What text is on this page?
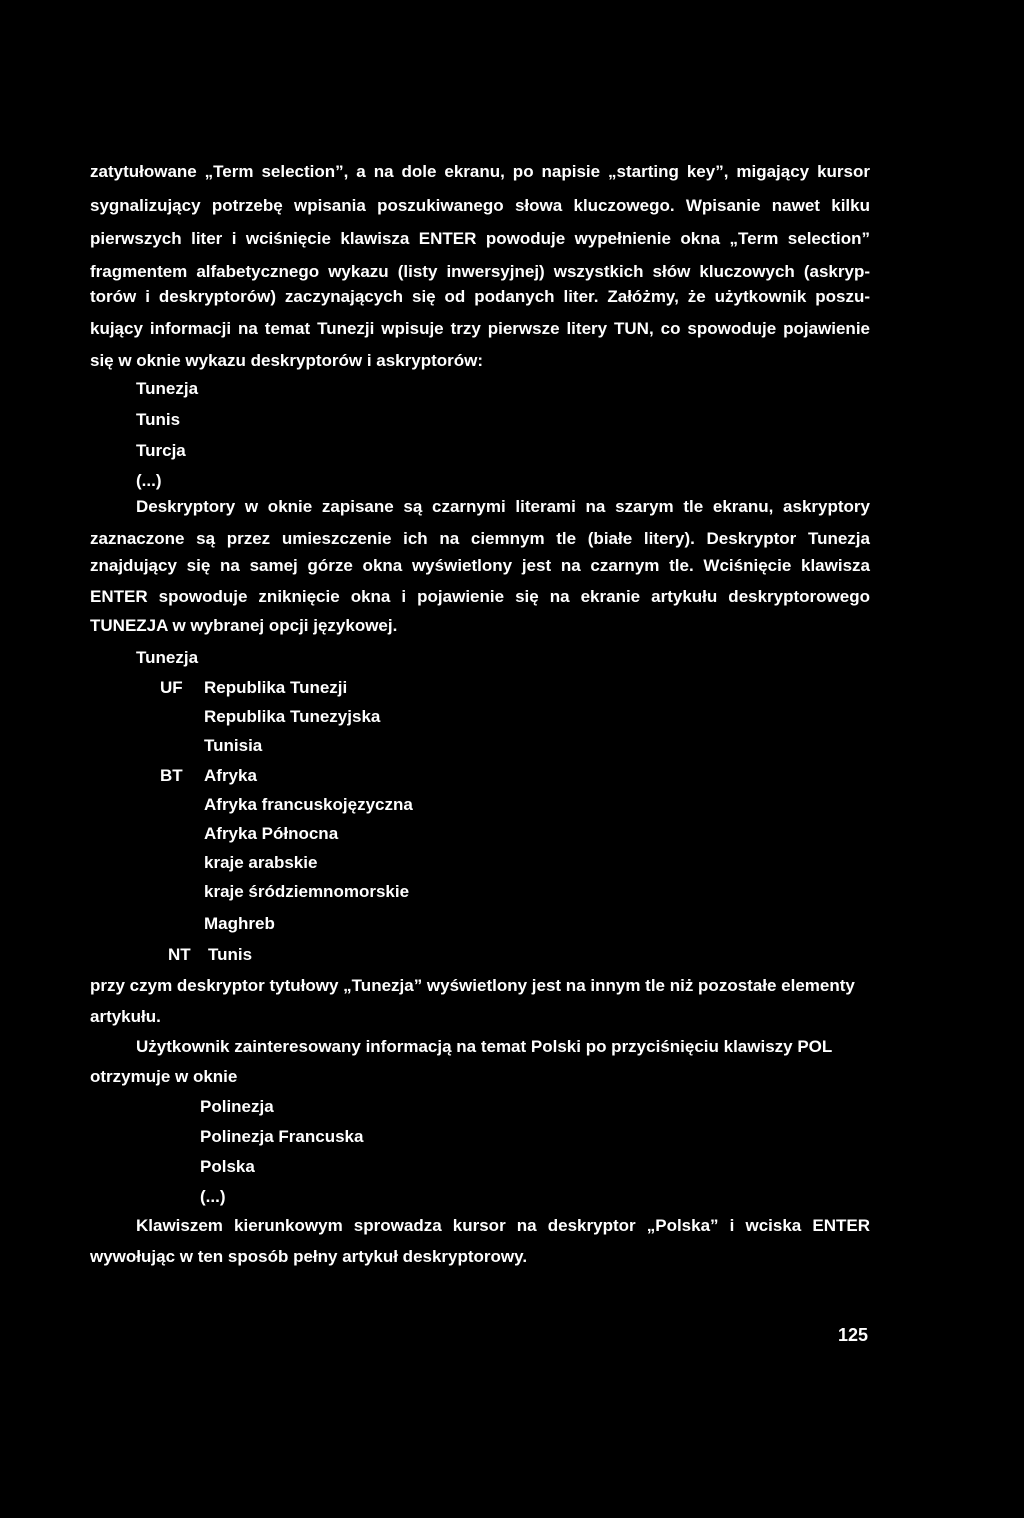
zatytułowane „Term selection”, a na dole ekranu, po napisie „starting key”, migający kursor
sygnalizujący potrzebę wpisania poszukiwanego słowa kluczowego. Wpisanie nawet kilku
pierwszych liter i wciśnięcie klawisza ENTER powoduje wypełnienie okna „Term selection”
fragmentem alfabetycznego wykazu (listy inwersyjnej) wszystkich słów kluczowych (askryp-
torów i deskryptorów) zaczynających się od podanych liter. Załóżmy, że użytkownik poszu-
kujący informacji na temat Tunezji wpisuje trzy pierwsze litery TUN, co spowoduje pojawienie
się w oknie wykazu deskryptorów i askryptorów:
Tunezja
Tunis
Turcja
(...)
Deskryptory w oknie zapisane są czarnymi literami na szarym tle ekranu, askryptory
zaznaczone są przez umieszczenie ich na ciemnym tle (białe litery). Deskryptor Tunezja
znajdujący się na samej górze okna wyświetlony jest na czarnym tle. Wciśnięcie klawisza
ENTER spowoduje zniknięcie okna i pojawienie się na ekranie artykułu deskryptorowego
TUNEZJA w wybranej opcji językowej.
Tunezja
UF Republika Tunezji
Republika Tunezyjska
Tunisia
BT Afryka
Afryka francuskojęzyczna
Afryka Północna
kraje arabskie
kraje śródziemnomorskie
Maghreb
NT Tunis
przy czym deskryptor tytułowy „Tunezja” wyświetlony jest na innym tle niż pozostałe elementy
artykułu.
Użytkownik zainteresowany informacją na temat Polski po przyciśnięciu klawiszy POL
otrzymuje w oknie
Polinezja
Polinezja Francuska
Polska
(...)
Klawiszem kierunkowym sprowadza kursor na deskryptor „Polska” i wciska ENTER
wywołując w ten sposób pełny artykuł deskryptorowy.
125
